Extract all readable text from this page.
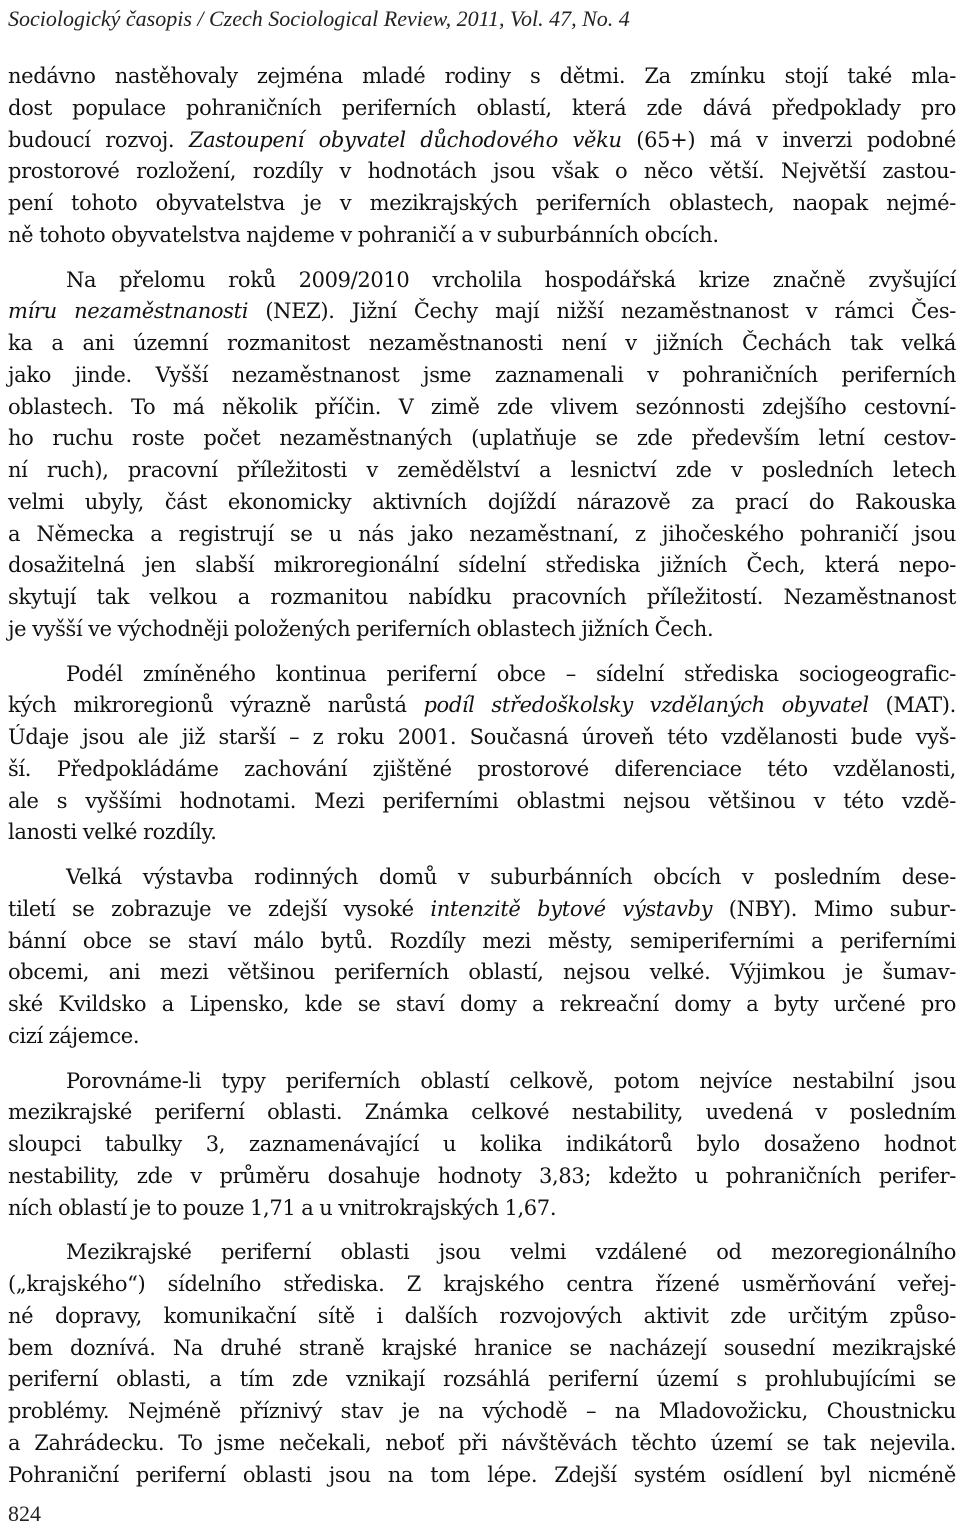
Sociologický časopis / Czech Sociological Review, 2011, Vol. 47, No. 4

nedávno nastěhovaly zejména mladé rodiny s dětmi. Za zmínku stojí také mla-

dost populace pohraničních periferních oblastí, která zde dává předpoklady pro

budoucí rozvoj. Zastoupení obyvatel důchodového věku (65+) má v inverzi podobné

prostorové rozložení, rozdíly v hodnotách jsou však o něco větší. Největší zastou-

pení tohoto obyvatelstva je v mezikrajských periferních oblastech, naopak nejmé-

ně tohoto obyvatelstva najdeme v pohraničí a v suburbánních obcích.

Na přelomu roků 2009/2010 vrcholila hospodářská krize značně zvyšující

míru nezaměstnanosti (NEZ). Jižní Čechy mají nižší nezaměstnanost v rámci Čes-

ka a ani územní rozmanitost nezaměstnanosti není v jižních Čechách tak velká

jako jinde. Vyšší nezaměstnanost jsme zaznamenali v pohraničních periferních

oblastech. To má několik příčin. V zimě zde vlivem sezónnosti zdejšího cestovní-

ho ruchu roste počet nezaměstnaných (uplatňuje se zde především letní cestov-

ní ruch), pracovní příležitosti v zemědělství a lesnictví zde v posledních letech

velmi ubyly, část ekonomicky aktivních dojíždí nárazově za prací do Rakouska

a Německa a registrují se u nás jako nezaměstnaní, z jihočeského pohraničí jsou

dosažitelná jen slabší mikroregionální sídelní střediska jižních Čech, která nepo-

skytují tak velkou a rozmanitou nabídku pracovních příležitostí. Nezaměstnanost

je vyšší ve východněji položených periferních oblastech jižních Čech.

Podél zmíněného kontinua periferní obce – sídelní střediska sociogeografic-

kých mikroregionů výrazně narůstá podíl středoškolsky vzdělaných obyvatel (MAT).

Údaje jsou ale již starší – z roku 2001. Současná úroveň této vzdělanosti bude vyš-

ší. Předpokládáme zachování zjištěné prostorové diferenciace této vzdělanosti,

ale s vyššími hodnotami. Mezi periferními oblastmi nejsou většinou v této vzdě-

lanosti velké rozdíly.

Velká výstavba rodinných domů v suburbánních obcích v posledním dese-

tiletí se zobrazuje ve zdejší vysoké intenzitě bytové výstavby (NBY). Mimo subur-

bánní obce se staví málo bytů. Rozdíly mezi městy, semiperiferními a periferními

obcemi, ani mezi většinou periferních oblastí, nejsou velké. Výjimkou je šumav-

ské Kvildsko a Lipensko, kde se staví domy a rekreační domy a byty určené pro

cizí zájemce.

Porovnáme-li typy periferních oblastí celkově, potom nejvíce nestabilní jsou

mezikrajské periferní oblasti. Známka celkové nestability, uvedená v posledním

sloupci tabulky 3, zaznamenávající u kolika indikátorů bylo dosaženo hodnot

nestability, zde v průměru dosahuje hodnoty 3,83; kdežto u pohraničních perifer-

ních oblastí je to pouze 1,71 a u vnitrokrajských 1,67.

Mezikrajské periferní oblasti jsou velmi vzdálené od mezoregionálního

(„krajského“) sídelního střediska. Z krajského centra řízené usměrňování veřej-

né dopravy, komunikační sítě i dalších rozvojových aktivit zde určitým způso-

bem doznívá. Na druhé straně krajské hranice se nacházejí sousední mezikrajské

periferní oblasti, a tím zde vznikají rozsáhlá periferní území s prohlubujícími se

problémy. Nejméně příznivý stav je na východě – na Mladovožicku, Choustnicku

a Zahrádecku. To jsme nečekali, neboť při návštěvách těchto území se tak nejevila.

Pohraniční periferní oblasti jsou na tom lépe. Zdejší systém osídlení byl nicméně

824
